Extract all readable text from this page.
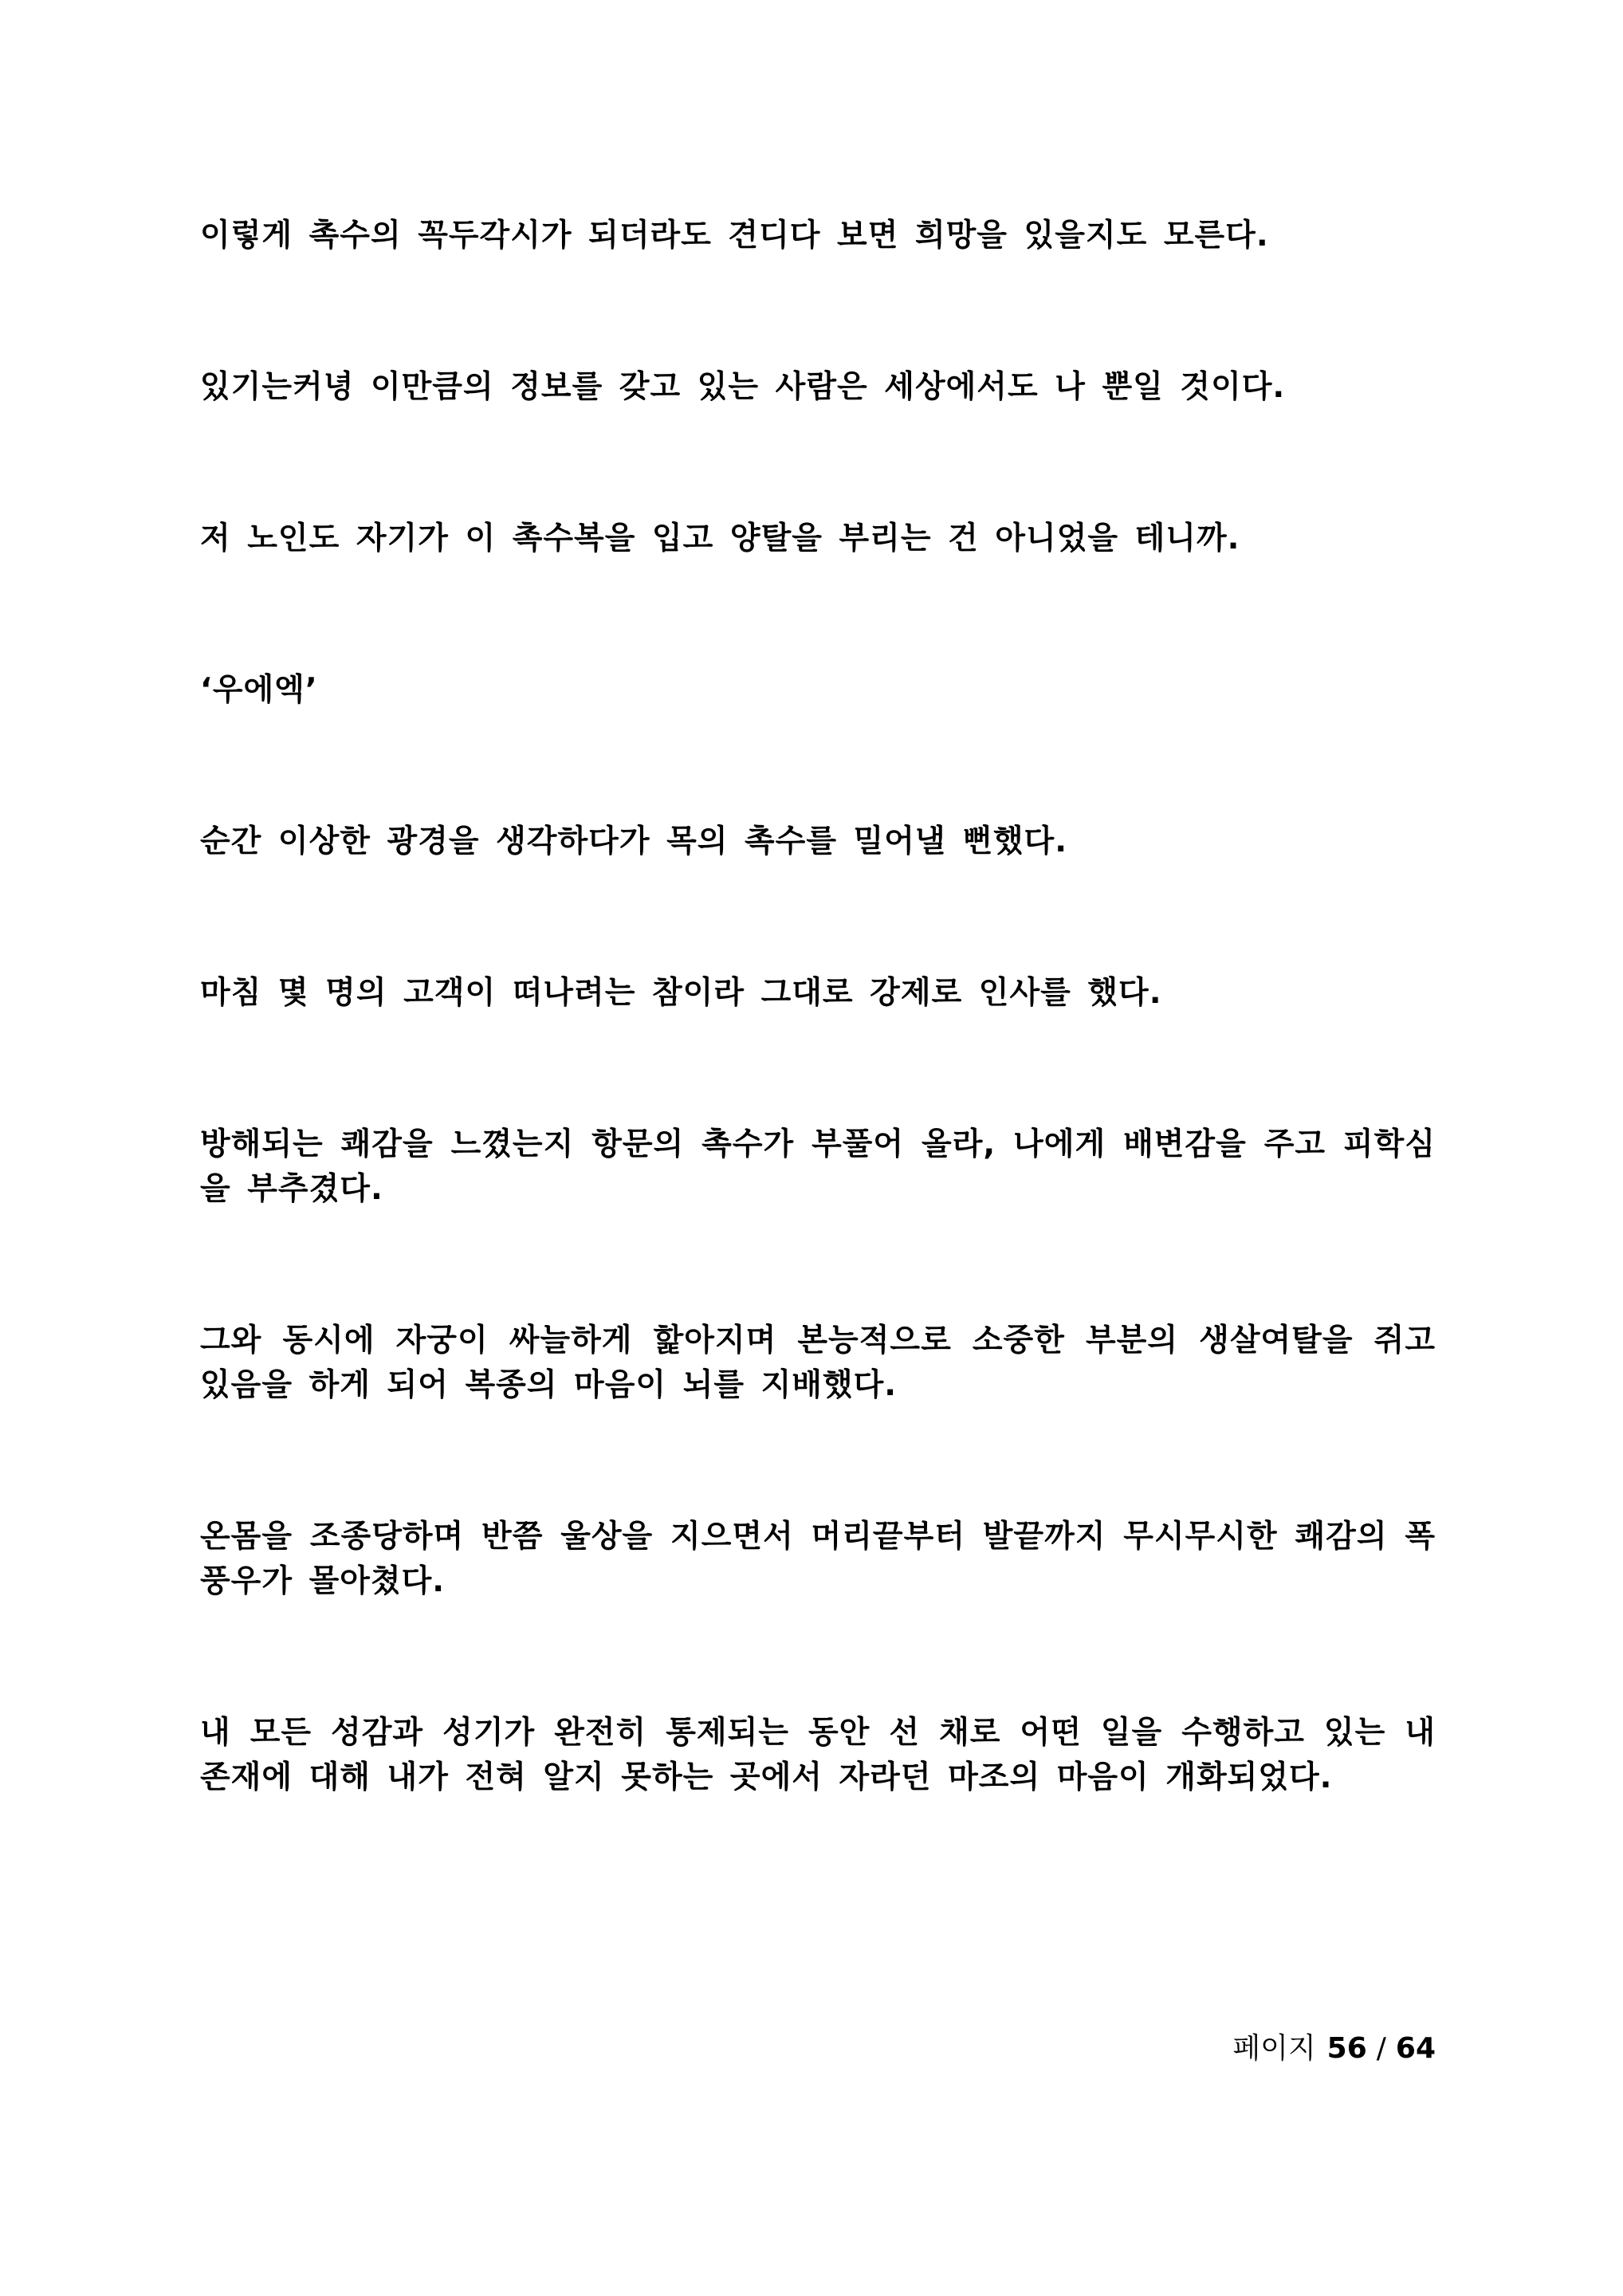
이렇게 촉수의 꼭두각시가 되더라도 견디다 보면 희망을 있을지도 모른다.

있기는커녕 이만큼의 정보를 갖고 있는 사람은 세상에서도 나 뿐일 것이다.

저 노인도 자기가 이 촉수복을 입고 양탈을 부리는 건 아니었을 테니까.

‘우에엑’

순간 이상한 광경을 생각하다가 목의 촉수를 밀어낼 뻔했다.

마침 몇 명의 고객이 떠나려는 참이라 그대로 강제로 인사를 했다.

방해되는 쾌감을 느꼈는지 항문의 촉수가 부풀어 올라, 나에게 배변감을 주고 피학심을 부추겼다.

그와 동시에 자궁이 싸늘하게 핥아지며 본능적으로 소중한 부분의 생살여탈을 쥐고 있음을 하게 되어 복종의 마음이 뇌를 지배했다.

온몸을 조종당하며 반쯤 울상을 지으면서 머리끝부터 발끝까지 무시무시한 쾌감의 폭풍우가 몰아쳤다.

내 모든 성감과 성기가 완전히 통제되는 동안 선 채로 어떤 일을 수행하고 있는 내 존재에 대해 내가 전혀 알지 못하는 곳에서 자라던 마조의 마음이 개화되었다.

페이지 56 / 64
